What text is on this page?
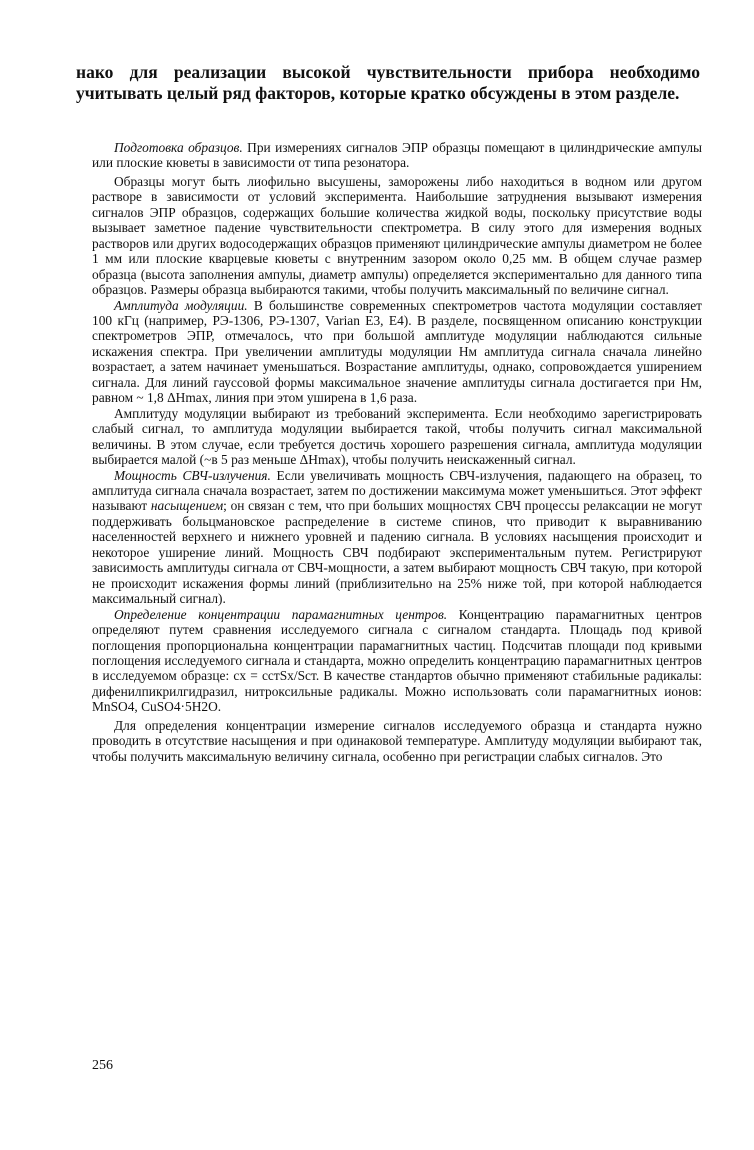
нако для реализации высокой чувствительности прибора необходимо учитывать целый ряд факторов, которые кратко обсуждены в этом разделе.

Подготовка образцов. При измерениях сигналов ЭПР образцы помещают в цилиндрические ампулы или плоские кюветы в зависимости от типа резонатора.

Образцы могут быть лиофильно высушены, заморожены либо находиться в водном или другом растворе в зависимости от условий эксперимента. Наибольшие затруднения вызывают измерения сигналов ЭПР образцов, содержащих большие количества жидкой воды, поскольку присутствие воды вызывает заметное падение чувствительности спектрометра. В силу этого для измерения водных растворов или других водосодержащих образцов применяют цилиндрические ампулы диаметром не более 1 мм или плоские кварцевые кюветы с внутренним зазором около 0,25 мм. В общем случае размер образца (высота заполнения ампулы, диаметр ампулы) определяется экспериментально для данного типа образцов. Размеры образца выбираются такими, чтобы получить максимальный по величине сигнал.

Амплитуда модуляции. В большинстве современных спектрометров частота модуляции составляет 100 кГц (например, РЭ-1306, РЭ-1307, Varian E3, E4). В разделе, посвященном описанию конструкции спектрометров ЭПР, отмечалось, что при большой амплитуде модуляции наблюдаются сильные искажения спектра. При увеличении амплитуды модуляции Hм амплитуда сигнала сначала линейно возрастает, а затем начинает уменьшаться. Возрастание амплитуды, однако, сопровождается уширением сигнала. Для линий гауссовой формы максимальное значение амплитуды сигнала достигается при Hм, равном ~ 1,8 ΔHmax, линия при этом уширена в 1,6 раза.

Амплитуду модуляции выбирают из требований эксперимента. Если необходимо зарегистрировать слабый сигнал, то амплитуда модуляции выбирается такой, чтобы получить сигнал максимальной величины. В этом случае, если требуется достичь хорошего разрешения сигнала, амплитуда модуляции выбирается малой (~в 5 раз меньше ΔHmax), чтобы получить неискаженный сигнал.

Мощность СВЧ-излучения. Если увеличивать мощность СВЧ-излучения, падающего на образец, то амплитуда сигнала сначала возрастает, затем по достижении максимума может уменьшиться. Этот эффект называют насыщением; он связан с тем, что при больших мощностях СВЧ процессы релаксации не могут поддерживать больцмановское распределение в системе спинов, что приводит к выравниванию населенностей верхнего и нижнего уровней и падению сигнала. В условиях насыщения происходит и некоторое уширение линий. Мощность СВЧ подбирают экспериментальным путем. Регистрируют зависимость амплитуды сигнала от СВЧ-мощности, а затем выбирают мощность СВЧ такую, при которой не происходит искажения формы линий (приблизительно на 25% ниже той, при которой наблюдается максимальный сигнал).

Определение концентрации парамагнитных центров. Концентрацию парамагнитных центров определяют путем сравнения исследуемого сигнала с сигналом стандарта. Площадь под кривой поглощения пропорциональна концентрации парамагнитных частиц. Подсчитав площади под кривыми поглощения исследуемого сигнала и стандарта, можно определить концентрацию парамагнитных центров в исследуемом образце: cx = cстSx/Sст. В качестве стандартов обычно применяют стабильные радикалы: дифенилпикрилгидразил, нитроксильные радикалы. Можно использовать соли парамагнитных ионов: MnSO4, CuSO4·5H2O.

Для определения концентрации измерение сигналов исследуемого образца и стандарта нужно проводить в отсутствие насыщения и при одинаковой температуре. Амплитуду модуляции выбирают так, чтобы получить максимальную величину сигнала, особенно при регистрации слабых сигналов. Это

256
